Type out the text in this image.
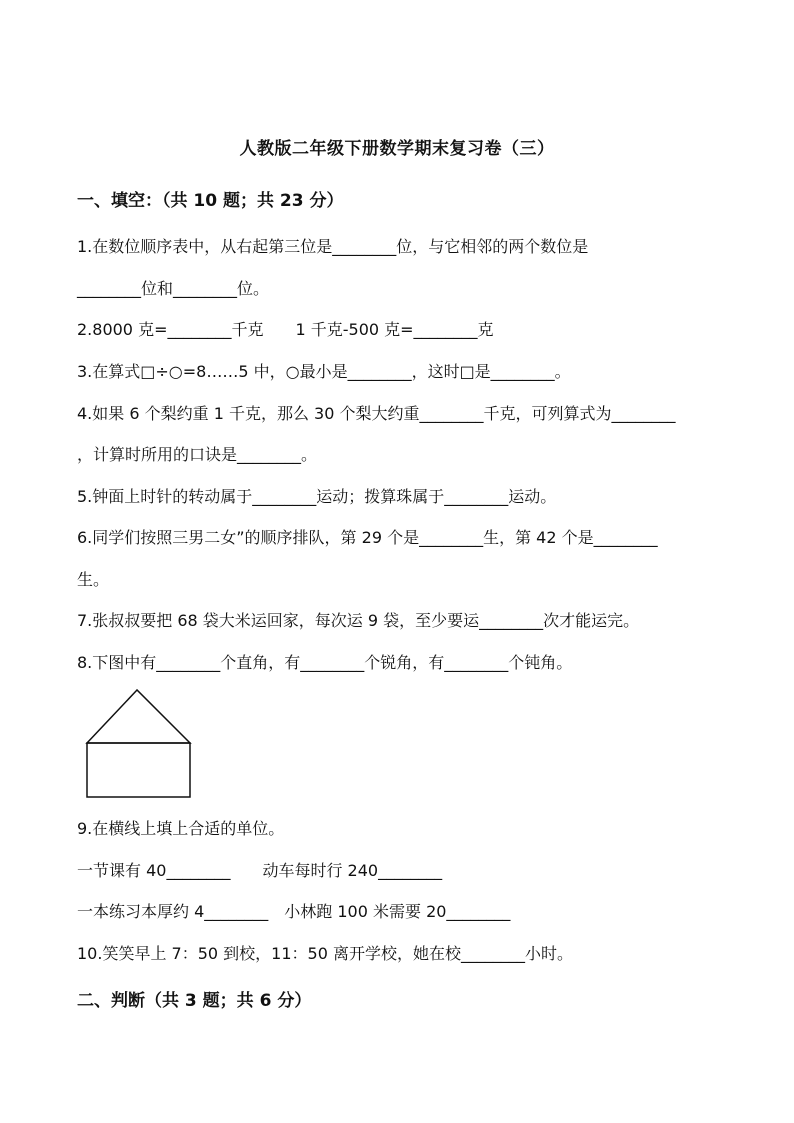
人教版二年级下册数学期末复习卷（三）
一、填空：（共 10 题；共 23 分）
1.在数位顺序表中，从右起第三位是________位，与它相邻的两个数位是
________位和________位。
2.8000 克=________千克　　1 千克-500 克=________克
3.在算式□÷○=8……5 中，○最小是________，这时□是________。
4.如果 6 个梨约重 1 千克，那么 30 个梨大约重________千克，可列算式为________
，计算时所用的口诀是________。
5.钟面上时针的转动属于________运动；拨算珠属于________运动。
6.同学们按照三男二女”的顺序排队，第 29 个是________生，第 42 个是________
生。
7.张叔叔要把 68 袋大米运回家，每次运 9 袋，至少要运________次才能运完。
8.下图中有________个直角，有________个锐角，有________个钝角。
9.在横线上填上合适的单位。
一节课有 40________　　动车每时行 240________
一本练习本厚约 4________　小林跑 100 米需要 20________
10.笑笑早上 7：50 到校，11：50 离开学校，她在校________小时。
二、判断（共 3 题；共 6 分）
